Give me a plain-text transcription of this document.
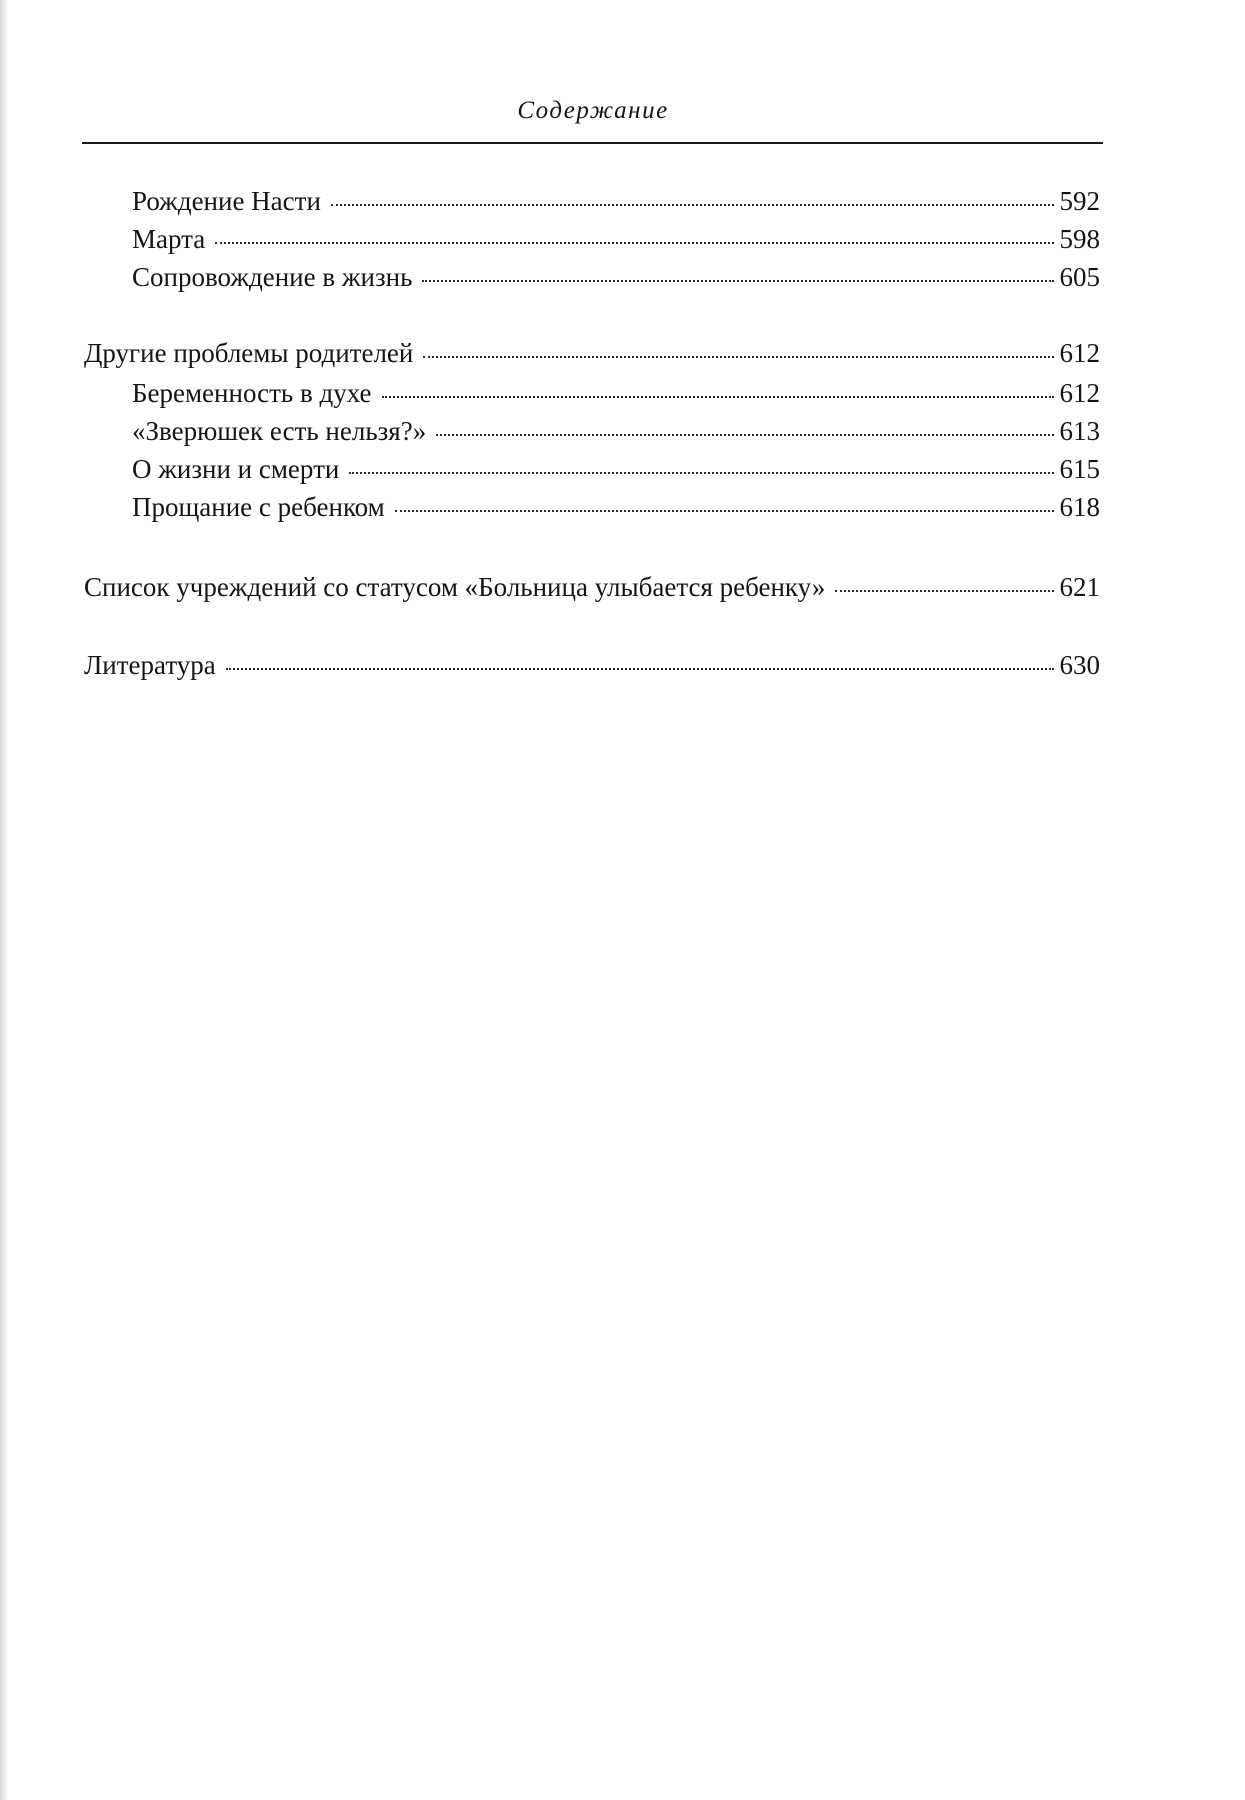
Содержание
Рождение Насти	592
Марта	598
Сопровождение в жизнь	605
Другие проблемы родителей	612
Беременность в духе	612
«Зверюшек есть нельзя?»	613
О жизни и смерти	615
Прощание с ребенком	618
Список учреждений со статусом «Больница улыбается ребенку»	621
Литература	630
